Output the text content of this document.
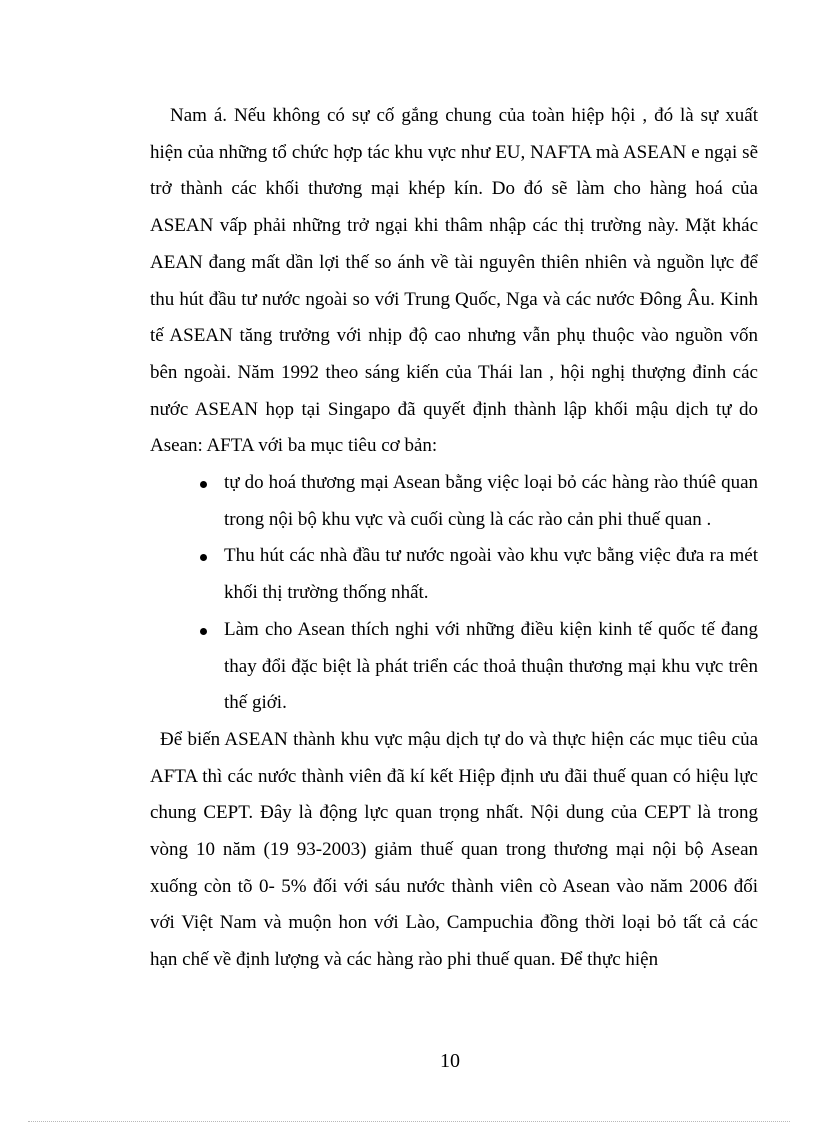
Nam á. Nếu không có sự cố gắng chung của toàn hiệp hội , đó là sự xuất hiện của những tổ chức hợp tác khu vực như EU, NAFTA mà ASEAN e ngại sẽ trở thành các khối thương mại khép kín. Do đó sẽ làm cho hàng hoá của ASEAN vấp phải những trở ngại khi thâm nhập các thị trường này. Mặt khác AEAN đang mất dần lợi thế so ánh về tài nguyên thiên nhiên và nguồn lực để thu hút đầu tư nước ngoài so với Trung Quốc, Nga và các nước Đông Âu. Kinh tế ASEAN tăng trưởng với nhịp độ cao nhưng vẫn phụ thuộc vào nguồn vốn bên ngoài. Năm 1992 theo sáng kiến của Thái lan , hội nghị thượng đỉnh các nước ASEAN họp tại Singapo đã quyết định thành lập khối mậu dịch tự do Asean: AFTA với ba mục tiêu cơ bản:

tự do hoá thương mại Asean bằng việc loại bỏ các hàng rào thúê quan trong nội bộ khu vực và cuối cùng là các rào cản phi thuế quan .
Thu hút các nhà đầu tư nước ngoài vào khu vực bằng việc đưa ra mét khối thị trường thống nhất.
Làm cho Asean thích nghi với những điều kiện kinh tế quốc tế đang thay đổi đặc biệt là phát triển các thoả thuận thương mại khu vực trên thế giới.

Để biến ASEAN thành khu vực mậu dịch tự do và thực hiện các mục tiêu của AFTA thì các nước thành viên đã kí kết Hiệp định ưu đãi thuế quan có hiệu lực chung CEPT. Đây là động lực quan trọng nhất. Nội dung của CEPT là trong vòng 10 năm (19 93-2003) giảm thuế quan trong thương mại nội bộ Asean xuống còn tõ 0- 5% đối với sáu nước thành viên cò Asean vào năm 2006 đối với Việt Nam và muộn hon với Lào, Campuchia đồng thời loại bỏ tất cả các hạn chế về định lượng và các hàng rào phi thuế quan. Để thực hiện

10
